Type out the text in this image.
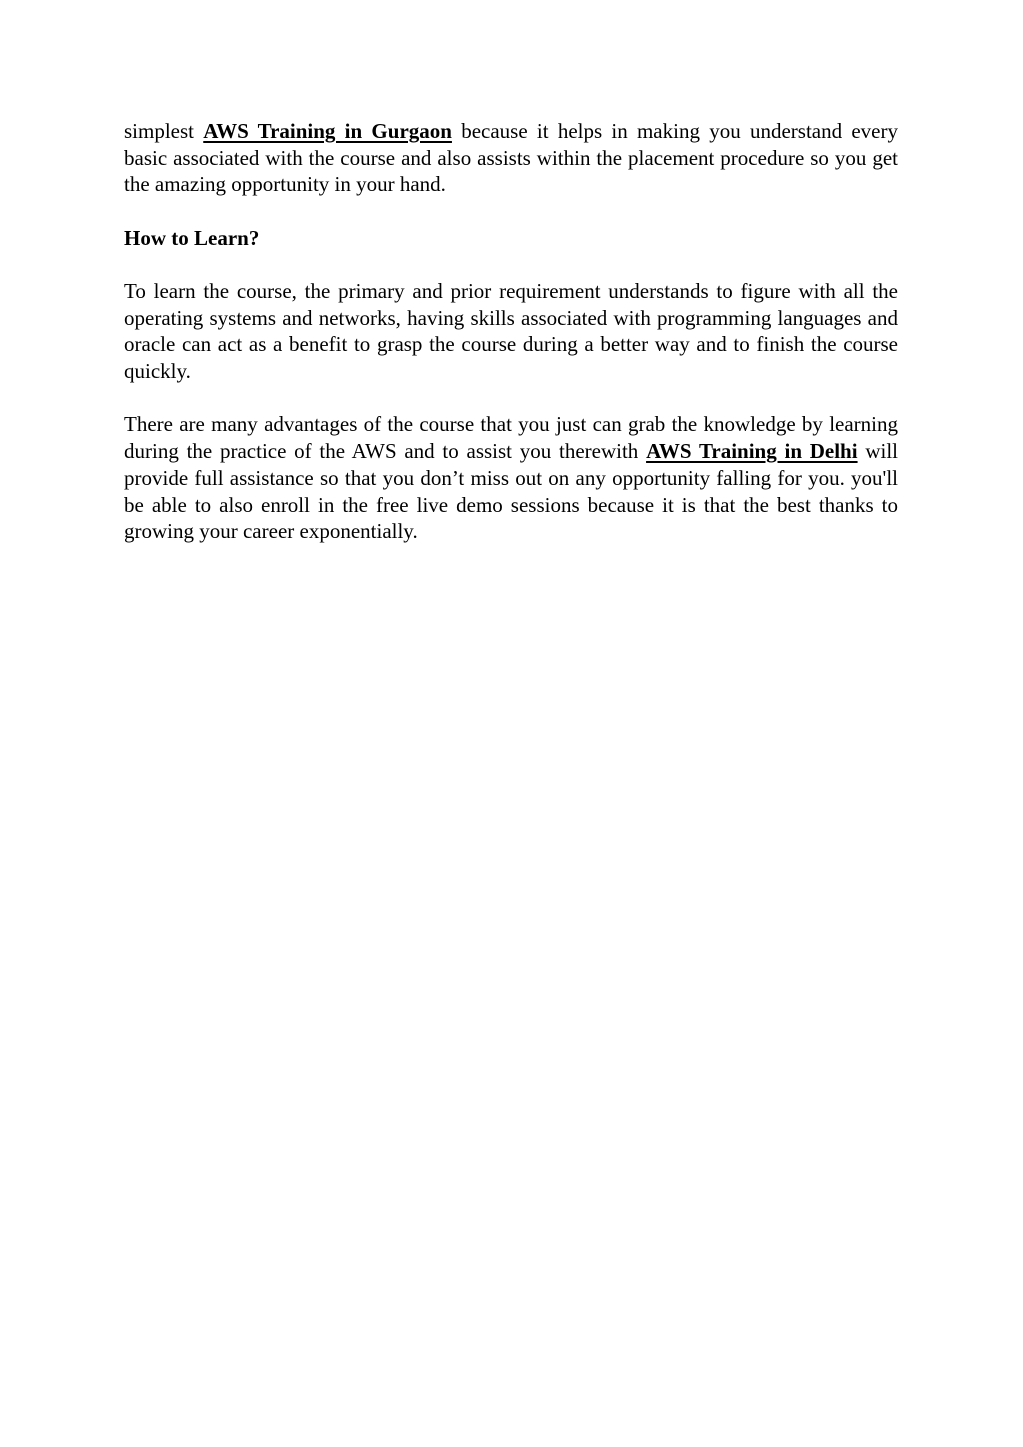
simplest AWS Training in Gurgaon because it helps in making you understand every basic associated with the course and also assists within the placement procedure so you get the amazing opportunity in your hand.

How to Learn?

To learn the course, the primary and prior requirement understands to figure with all the operating systems and networks, having skills associated with programming languages and oracle can act as a benefit to grasp the course during a better way and to finish the course quickly.

There are many advantages of the course that you just can grab the knowledge by learning during the practice of the AWS and to assist you therewith AWS Training in Delhi will provide full assistance so that you don’t miss out on any opportunity falling for you. you'll be able to also enroll in the free live demo sessions because it is that the best thanks to growing your career exponentially.
